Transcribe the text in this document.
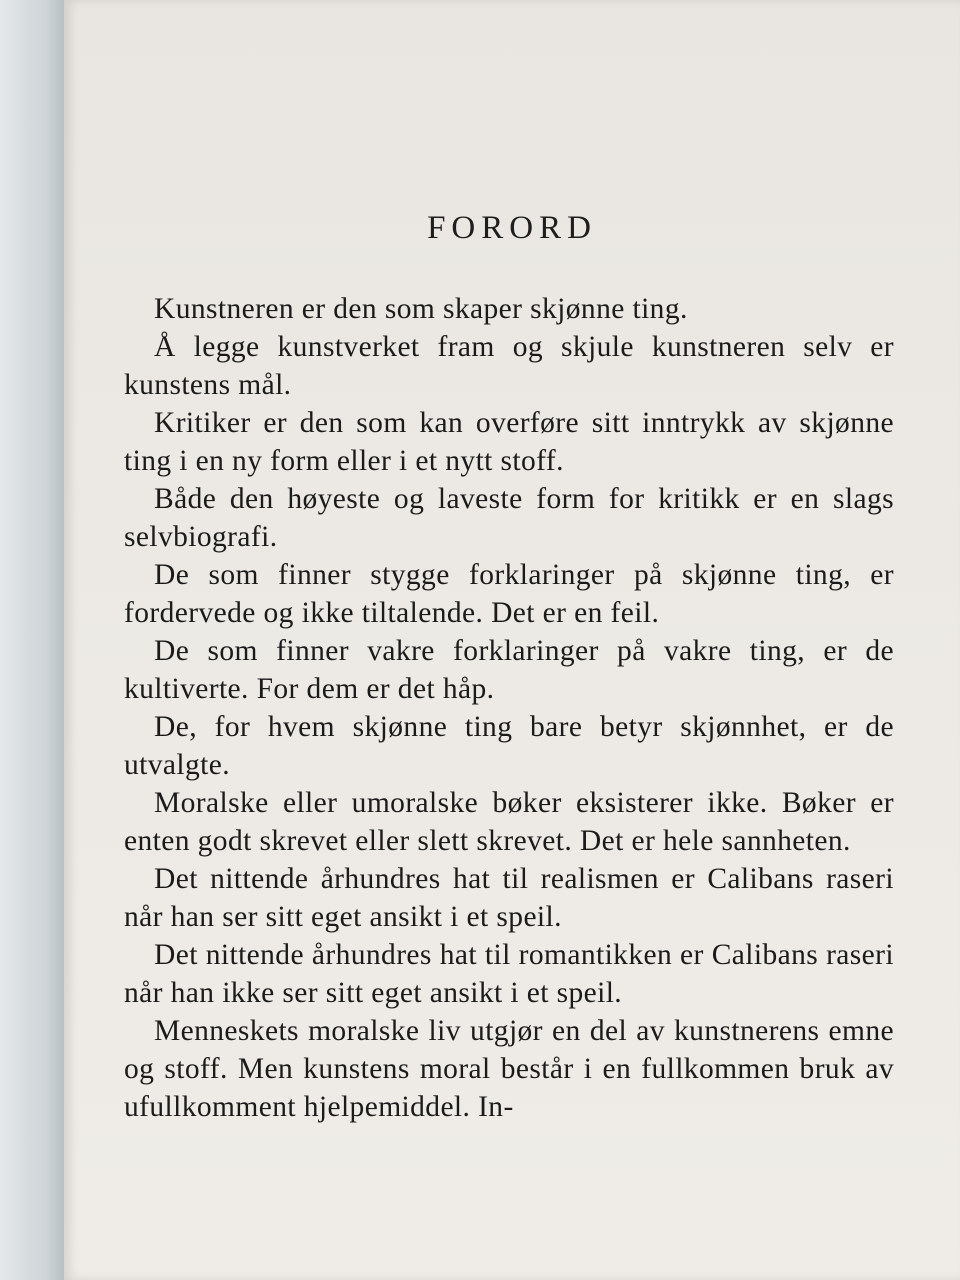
FORORD

Kunstneren er den som skaper skjønne ting.

Å legge kunstverket fram og skjule kunstneren selv er kunstens mål.

Kritiker er den som kan overføre sitt inntrykk av skjønne ting i en ny form eller i et nytt stoff.

Både den høyeste og laveste form for kritikk er en slags selvbiografi.

De som finner stygge forklaringer på skjønne ting, er fordervede og ikke tiltalende. Det er en feil.

De som finner vakre forklaringer på vakre ting, er de kultiverte. For dem er det håp.

De, for hvem skjønne ting bare betyr skjønnhet, er de utvalgte.

Moralske eller umoralske bøker eksisterer ikke. Bøker er enten godt skrevet eller slett skrevet. Det er hele sannheten.

Det nittende århundres hat til realismen er Calibans raseri når han ser sitt eget ansikt i et speil.

Det nittende århundres hat til romantikken er Calibans raseri når han ikke ser sitt eget ansikt i et speil.

Menneskets moralske liv utgjør en del av kunstnerens emne og stoff. Men kunstens moral består i en fullkommen bruk av ufullkomment hjelpemiddel. In-
